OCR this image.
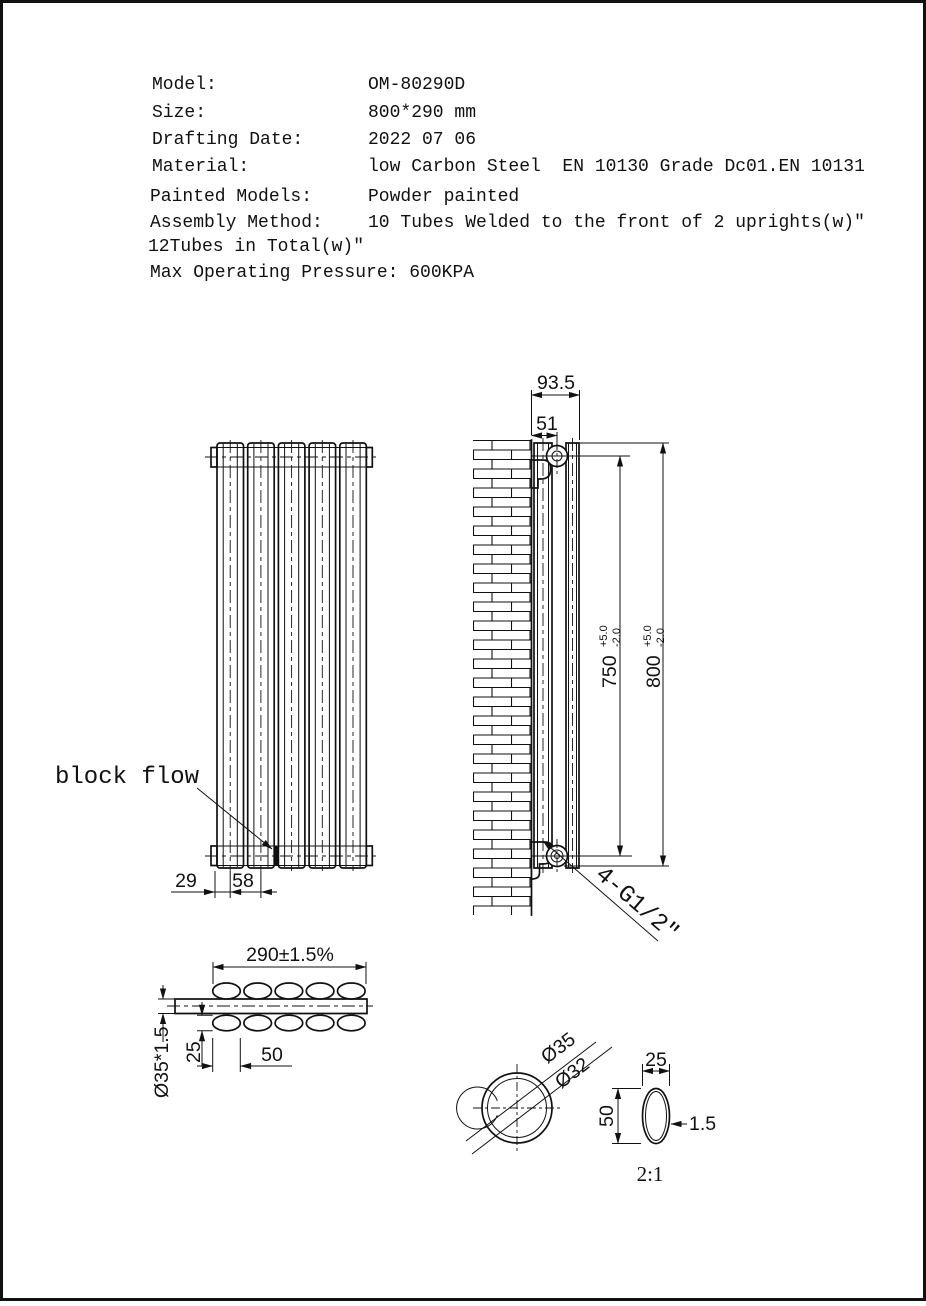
Model:	OM-80290D
Size:	800*290 mm
Drafting Date:	2022 07 06
Material:	low Carbon Steel  EN 10130 Grade Dc01.EN 10131
Painted Models:	Powder painted
Assembly Method:	10 Tubes Welded to the front of 2 uprights(w)″
12Tubes in Total(w)″
Max Operating Pressure: 600KPA
block flow
29 58
93.5
51
750
+5.0 -2.0
800
+5.0 -2.0
4-G1/2″
290±1.5%
Ø35*1.5 25	50	Ø35
Ø32	25
50	1.5
2:1
